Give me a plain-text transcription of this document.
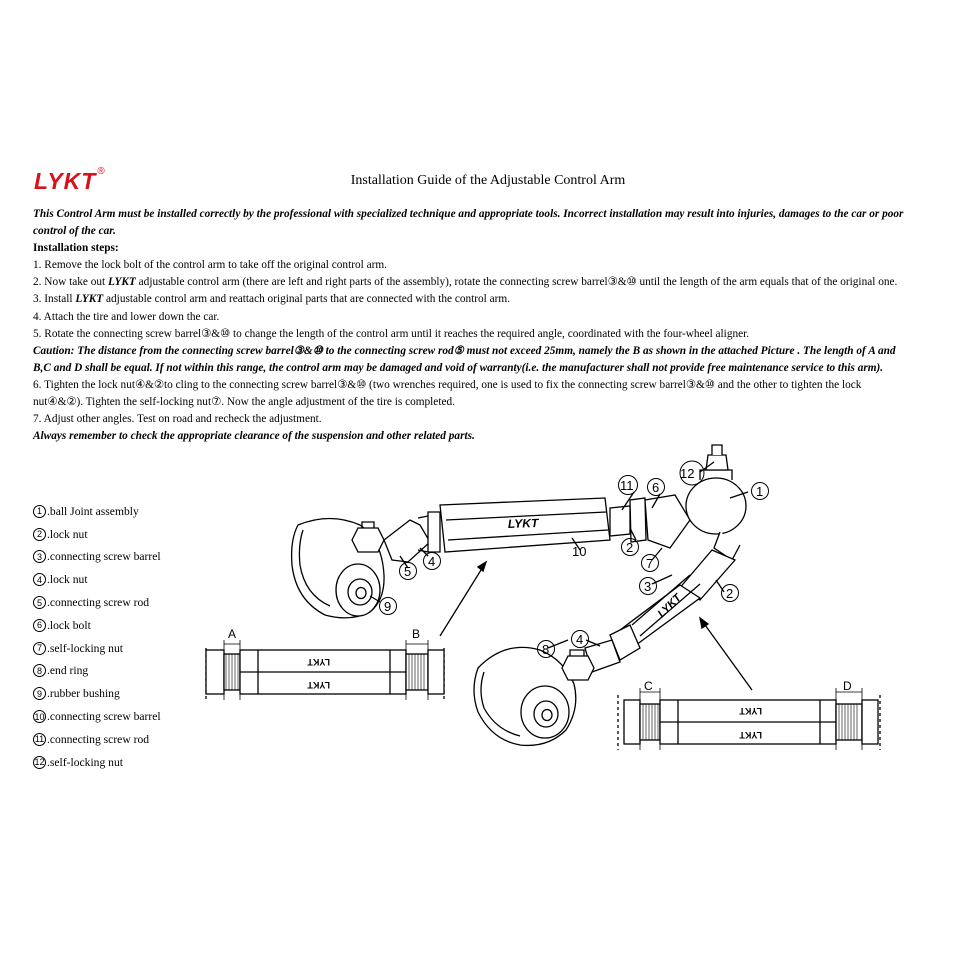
LYKT®
Installation Guide of the Adjustable Control Arm

This Control Arm must be installed correctly by the professional with specialized technique and appropriate tools. Incorrect installation may result into injuries, damages to the car or poor control of the car.

Installation steps:

1. Remove the lock bolt of the control arm to take off the original control arm.

2. Now take out LYKT adjustable control arm (there are left and right parts of the assembly), rotate the connecting screw barrel③&⑩ until the length of the arm equals that of the original one.

3. Install LYKT adjustable control arm and reattach original parts that are connected with the control arm.

4. Attach the tire and lower down the car.

5. Rotate the connecting screw barrel③&⑩ to change the length of the control arm until it reaches the required angle, coordinated with the four-wheel aligner.

Caution: The distance from the connecting screw barrel③&⑩ to the connecting screw rod⑤ must not exceed 25mm, namely the B as shown in the attached Picture . The length of A and B,C and D shall be equal. If not within this range, the control arm may be damaged and void of warranty(i.e. the manufacturer shall not provide free maintenance service to this arm).

6. Tighten the lock nut④&②to cling to the connecting screw barrel③&⑩ (two wrenches required, one is used to fix the connecting screw barrel③&⑩ and the other to tighten the lock nut④&②). Tighten the self-locking nut⑦. Now the angle adjustment of the tire is completed.

7. Adjust other angles. Test on road and recheck the adjustment.

Always remember to check the appropriate clearance of the suspension and other related parts.

1 .ball Joint assembly
2 .lock nut
3 .connecting screw barrel
4 .lock nut
5 .connecting screw rod
6 .lock bolt
7 .self-locking nut
8 .end ring
9 .rubber bushing
10 .connecting screw barrel
11 .connecting screw rod
12 .self-locking nut
LYKT
LYKT
LYKT
LYKT
LYKT
LYKT
A	B
C	D
1
12
11 6
2
10
7
3	2
4
8
5
4
9
